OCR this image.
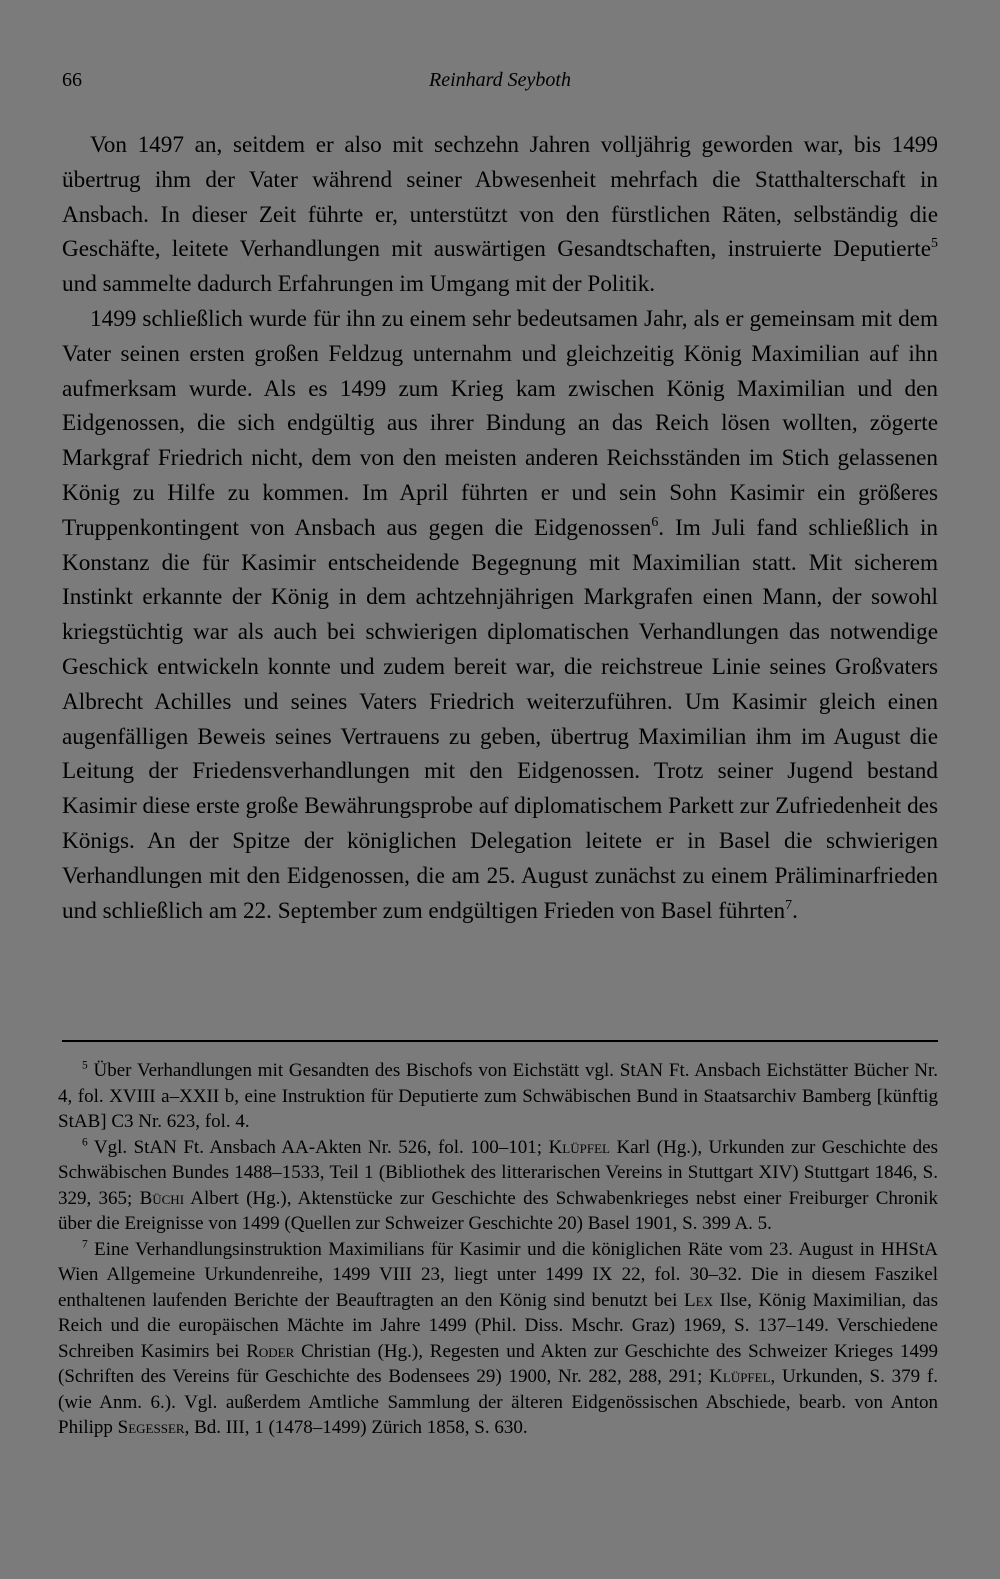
66	Reinhard Seyboth

Von 1497 an, seitdem er also mit sechzehn Jahren volljährig geworden war, bis 1499 übertrug ihm der Vater während seiner Abwesenheit mehrfach die Statthalterschaft in Ansbach. In dieser Zeit führte er, unterstützt von den fürstlichen Räten, selbständig die Geschäfte, leitete Verhandlungen mit auswärtigen Gesandtschaften, instruierte Deputierte$^5$ und sammelte dadurch Erfahrungen im Umgang mit der Politik.

1499 schließlich wurde für ihn zu einem sehr bedeutsamen Jahr, als er gemeinsam mit dem Vater seinen ersten großen Feldzug unternahm und gleichzeitig König Maximilian auf ihn aufmerksam wurde. Als es 1499 zum Krieg kam zwischen König Maximilian und den Eidgenossen, die sich endgültig aus ihrer Bindung an das Reich lösen wollten, zögerte Markgraf Friedrich nicht, dem von den meisten anderen Reichsständen im Stich gelassenen König zu Hilfe zu kommen. Im April führten er und sein Sohn Kasimir ein größeres Truppenkontingent von Ansbach aus gegen die Eidgenossen$^6$. Im Juli fand schließlich in Konstanz die für Kasimir entscheidende Begegnung mit Maximilian statt. Mit sicherem Instinkt erkannte der König in dem achtzehnjährigen Markgrafen einen Mann, der sowohl kriegstüchtig war als auch bei schwierigen diplomatischen Verhandlungen das notwendige Geschick entwickeln konnte und zudem bereit war, die reichstreue Linie seines Großvaters Albrecht Achilles und seines Vaters Friedrich weiterzuführen. Um Kasimir gleich einen augenfälligen Beweis seines Vertrauens zu geben, übertrug Maximilian ihm im August die Leitung der Friedensverhandlungen mit den Eidgenossen. Trotz seiner Jugend bestand Kasimir diese erste große Bewährungsprobe auf diplomatischem Parkett zur Zufriedenheit des Königs. An der Spitze der königlichen Delegation leitete er in Basel die schwierigen Verhandlungen mit den Eidgenossen, die am 25. August zunächst zu einem Präliminarfrieden und schließlich am 22. September zum endgültigen Frieden von Basel führten$^7$.

$^5$ Über Verhandlungen mit Gesandten des Bischofs von Eichstätt vgl. StAN Ft. Ansbach Eichstätter Bücher Nr. 4, fol. XVIII a–XXII b, eine Instruktion für Deputierte zum Schwäbischen Bund in Staatsarchiv Bamberg [künftig StAB] C3 Nr. 623, fol. 4.

$^6$ Vgl. StAN Ft. Ansbach AA-Akten Nr. 526, fol. 100–101; Klüpfel Karl (Hg.), Urkunden zur Geschichte des Schwäbischen Bundes 1488–1533, Teil 1 (Bibliothek des litterarischen Vereins in Stuttgart XIV) Stuttgart 1846, S. 329, 365; Büchi Albert (Hg.), Aktenstücke zur Geschichte des Schwabenkrieges nebst einer Freiburger Chronik über die Ereignisse von 1499 (Quellen zur Schweizer Geschichte 20) Basel 1901, S. 399 A. 5.

$^7$ Eine Verhandlungsinstruktion Maximilians für Kasimir und die königlichen Räte vom 23. August in HHStA Wien Allgemeine Urkundenreihe, 1499 VIII 23, liegt unter 1499 IX 22, fol. 30–32. Die in diesem Faszikel enthaltenen laufenden Berichte der Beauftragten an den König sind benutzt bei Lex Ilse, König Maximilian, das Reich und die europäischen Mächte im Jahre 1499 (Phil. Diss. Mschr. Graz) 1969, S. 137–149. Verschiedene Schreiben Kasimirs bei Roder Christian (Hg.), Regesten und Akten zur Geschichte des Schweizer Krieges 1499 (Schriften des Vereins für Geschichte des Bodensees 29) 1900, Nr. 282, 288, 291; Klüpfel, Urkunden, S. 379 f. (wie Anm. 6.). Vgl. außerdem Amtliche Sammlung der älteren Eidgenössischen Abschiede, bearb. von Anton Philipp Segesser, Bd. III, 1 (1478–1499) Zürich 1858, S. 630.
